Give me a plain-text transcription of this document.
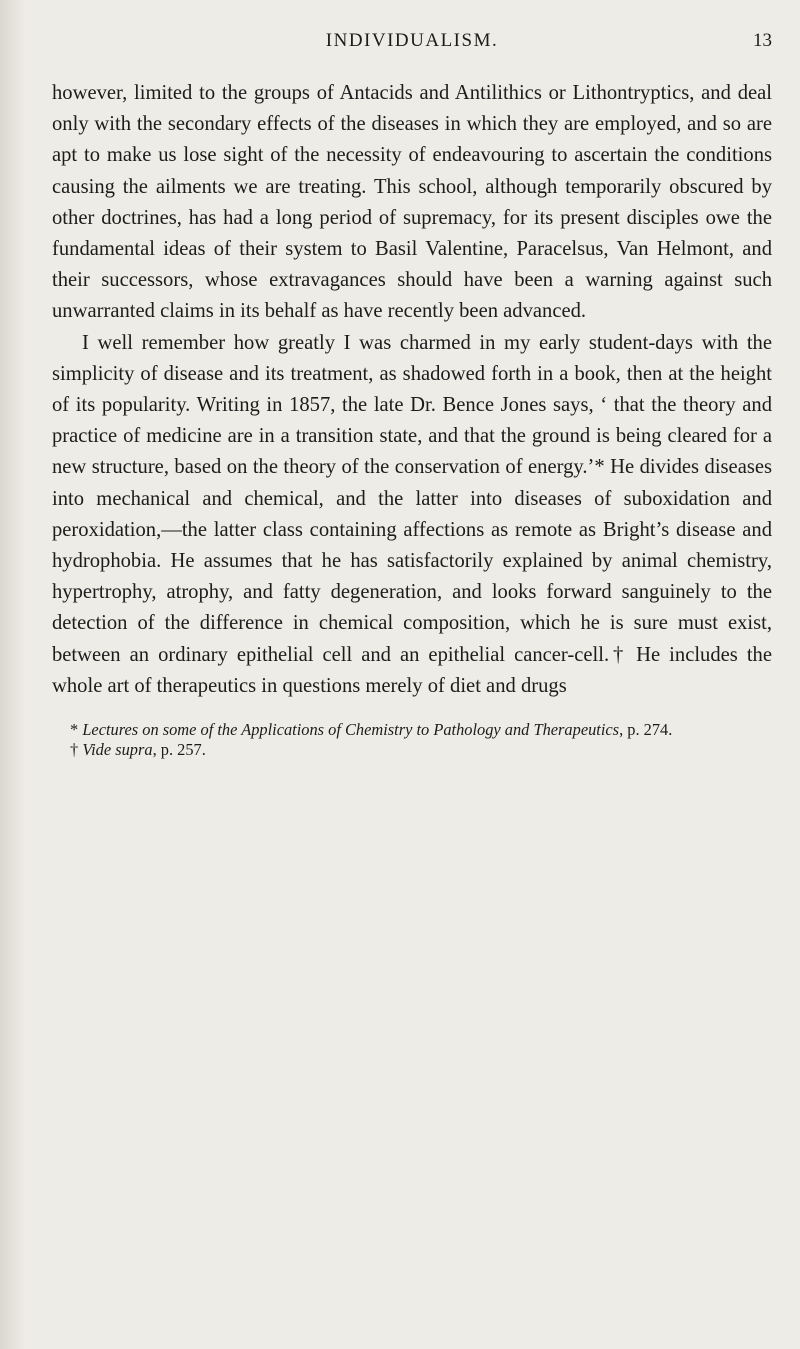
INDIVIDUALISM.	13

however, limited to the groups of Antacids and Antilithics or Lithontryptics, and deal only with the secondary effects of the diseases in which they are employed, and so are apt to make us lose sight of the necessity of endeavouring to ascertain the conditions causing the ailments we are treating. This school, although temporarily obscured by other doctrines, has had a long period of supremacy, for its present disciples owe the fundamental ideas of their system to Basil Valentine, Paracelsus, Van Helmont, and their successors, whose extravagances should have been a warning against such unwarranted claims in its behalf as have recently been advanced.

I well remember how greatly I was charmed in my early student-days with the simplicity of disease and its treatment, as shadowed forth in a book, then at the height of its popularity. Writing in 1857, the late Dr. Bence Jones says, ‘ that the theory and practice of medicine are in a transition state, and that the ground is being cleared for a new structure, based on the theory of the conservation of energy.’* He divides diseases into mechanical and chemical, and the latter into diseases of suboxidation and peroxidation,—the latter class containing affections as remote as Bright’s disease and hydrophobia. He assumes that he has satisfactorily explained by animal chemistry, hypertrophy, atrophy, and fatty degeneration, and looks forward sanguinely to the detection of the difference in chemical composition, which he is sure must exist, between an ordinary epithelial cell and an epithelial cancer-cell.† He includes the whole art of therapeutics in questions merely of diet and drugs

* Lectures on some of the Applications of Chemistry to Pathology and Therapeutics, p. 274.

† Vide supra, p. 257.
